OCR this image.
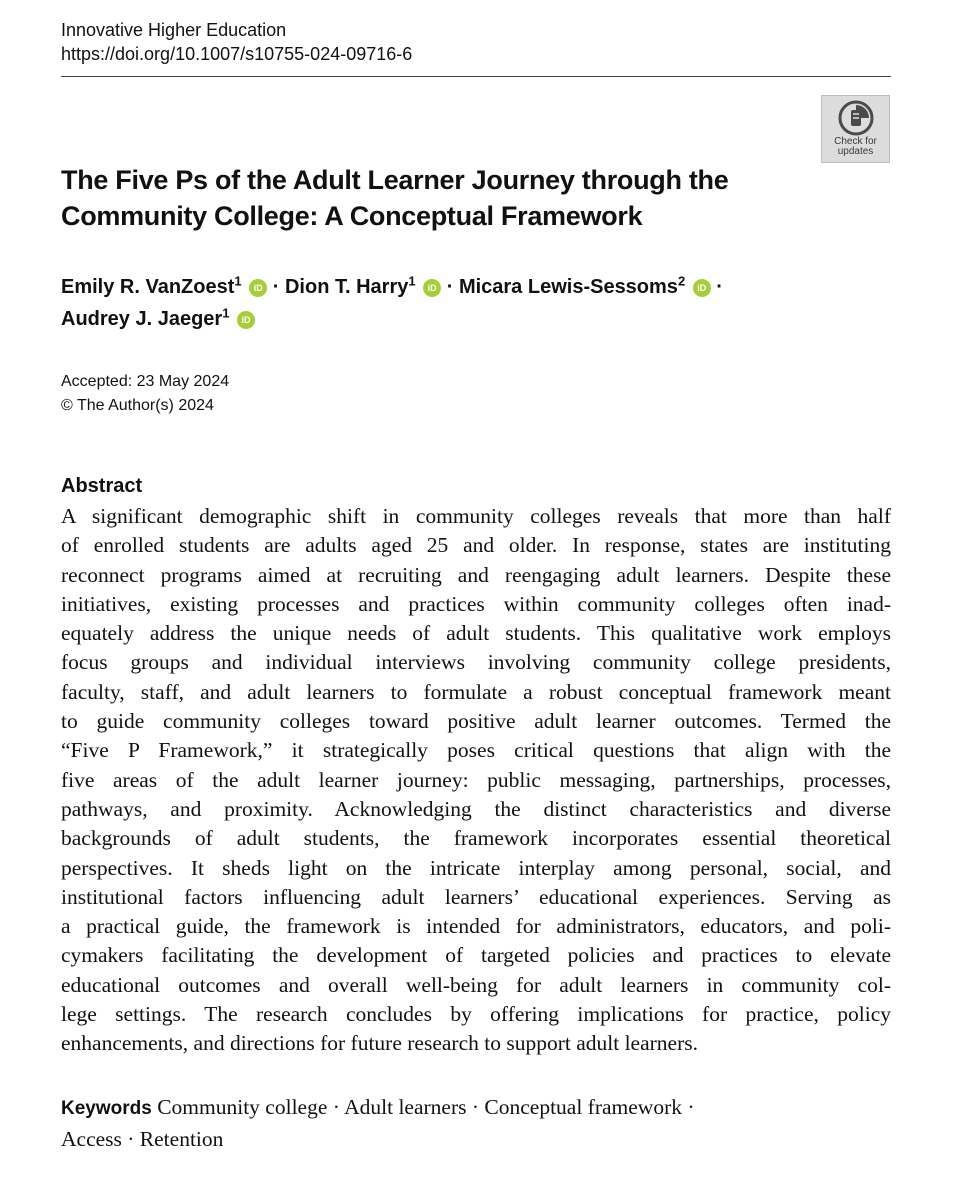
Innovative Higher Education
https://doi.org/10.1007/s10755-024-09716-6
Check for
updates
The Five Ps of the Adult Learner Journey through the
Community College: A Conceptual Framework
Emily R. VanZoest$^1$ iD · Dion T. Harry$^1$ iD · Micara Lewis-Sessoms$^2$ iD ·
Audrey J. Jaeger$^1$ iD
Accepted: 23 May 2024
© The Author(s) 2024
Abstract
A significant demographic shift in community colleges reveals that more than half
of enrolled students are adults aged 25 and older. In response, states are instituting
reconnect programs aimed at recruiting and reengaging adult learners. Despite these
initiatives, existing processes and practices within community colleges often inad-
equately address the unique needs of adult students. This qualitative work employs
focus groups and individual interviews involving community college presidents,
faculty, staff, and adult learners to formulate a robust conceptual framework meant
to guide community colleges toward positive adult learner outcomes. Termed the
“Five P Framework,” it strategically poses critical questions that align with the
five areas of the adult learner journey: public messaging, partnerships, processes,
pathways, and proximity. Acknowledging the distinct characteristics and diverse
backgrounds of adult students, the framework incorporates essential theoretical
perspectives. It sheds light on the intricate interplay among personal, social, and
institutional factors influencing adult learners’ educational experiences. Serving as
a practical guide, the framework is intended for administrators, educators, and poli-
cymakers facilitating the development of targeted policies and practices to elevate
educational outcomes and overall well-being for adult learners in community col-
lege settings. The research concludes by offering implications for practice, policy
enhancements, and directions for future research to support adult learners.
Keywords Community college · Adult learners · Conceptual framework ·
Access · Retention
